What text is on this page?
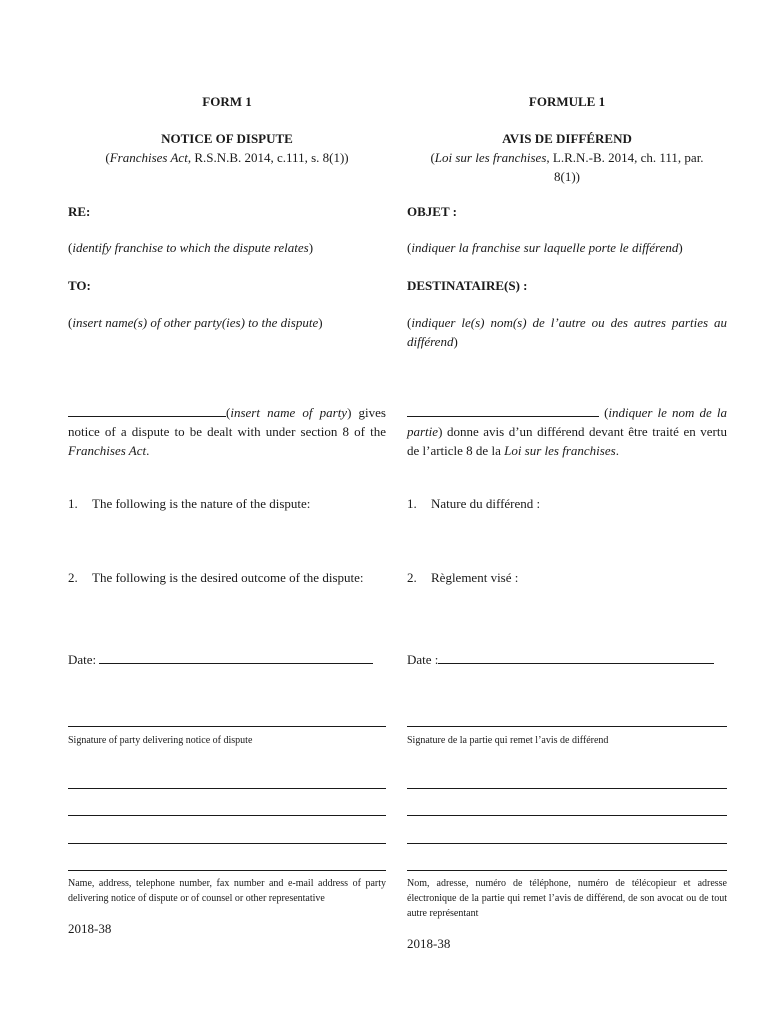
FORM 1
NOTICE OF DISPUTE
(Franchises Act, R.S.N.B. 2014, c.111, s. 8(1))
RE:
(identify franchise to which the dispute relates)
TO:
(insert name(s) of other party(ies) to the dispute)
(insert name of party) gives notice of a dispute to be dealt with under section 8 of the Franchises Act.
1. The following is the nature of the dispute:
2. The following is the desired outcome of the dispute:
Date:
Signature of party delivering notice of dispute
Name, address, telephone number, fax number and e-mail address of party delivering notice of dispute or of counsel or other representative
2018-38
FORMULE 1
AVIS DE DIFFÉREND
(Loi sur les franchises, L.R.N.-B. 2014, ch. 111, par. 8(1))
OBJET :
(indiquer la franchise sur laquelle porte le différend)
DESTINATAIRE(S) :
(indiquer le(s) nom(s) de l’autre ou des autres parties au différend)
(indiquer le nom de la partie) donne avis d’un différend devant être traité en vertu de l’article 8 de la Loi sur les franchises.
1. Nature du différend :
2. Règlement visé :
Date :
Signature de la partie qui remet l’avis de différend
Nom, adresse, numéro de téléphone, numéro de télécopieur et adresse électronique de la partie qui remet l’avis de différend, de son avocat ou de tout autre représentant
2018-38
